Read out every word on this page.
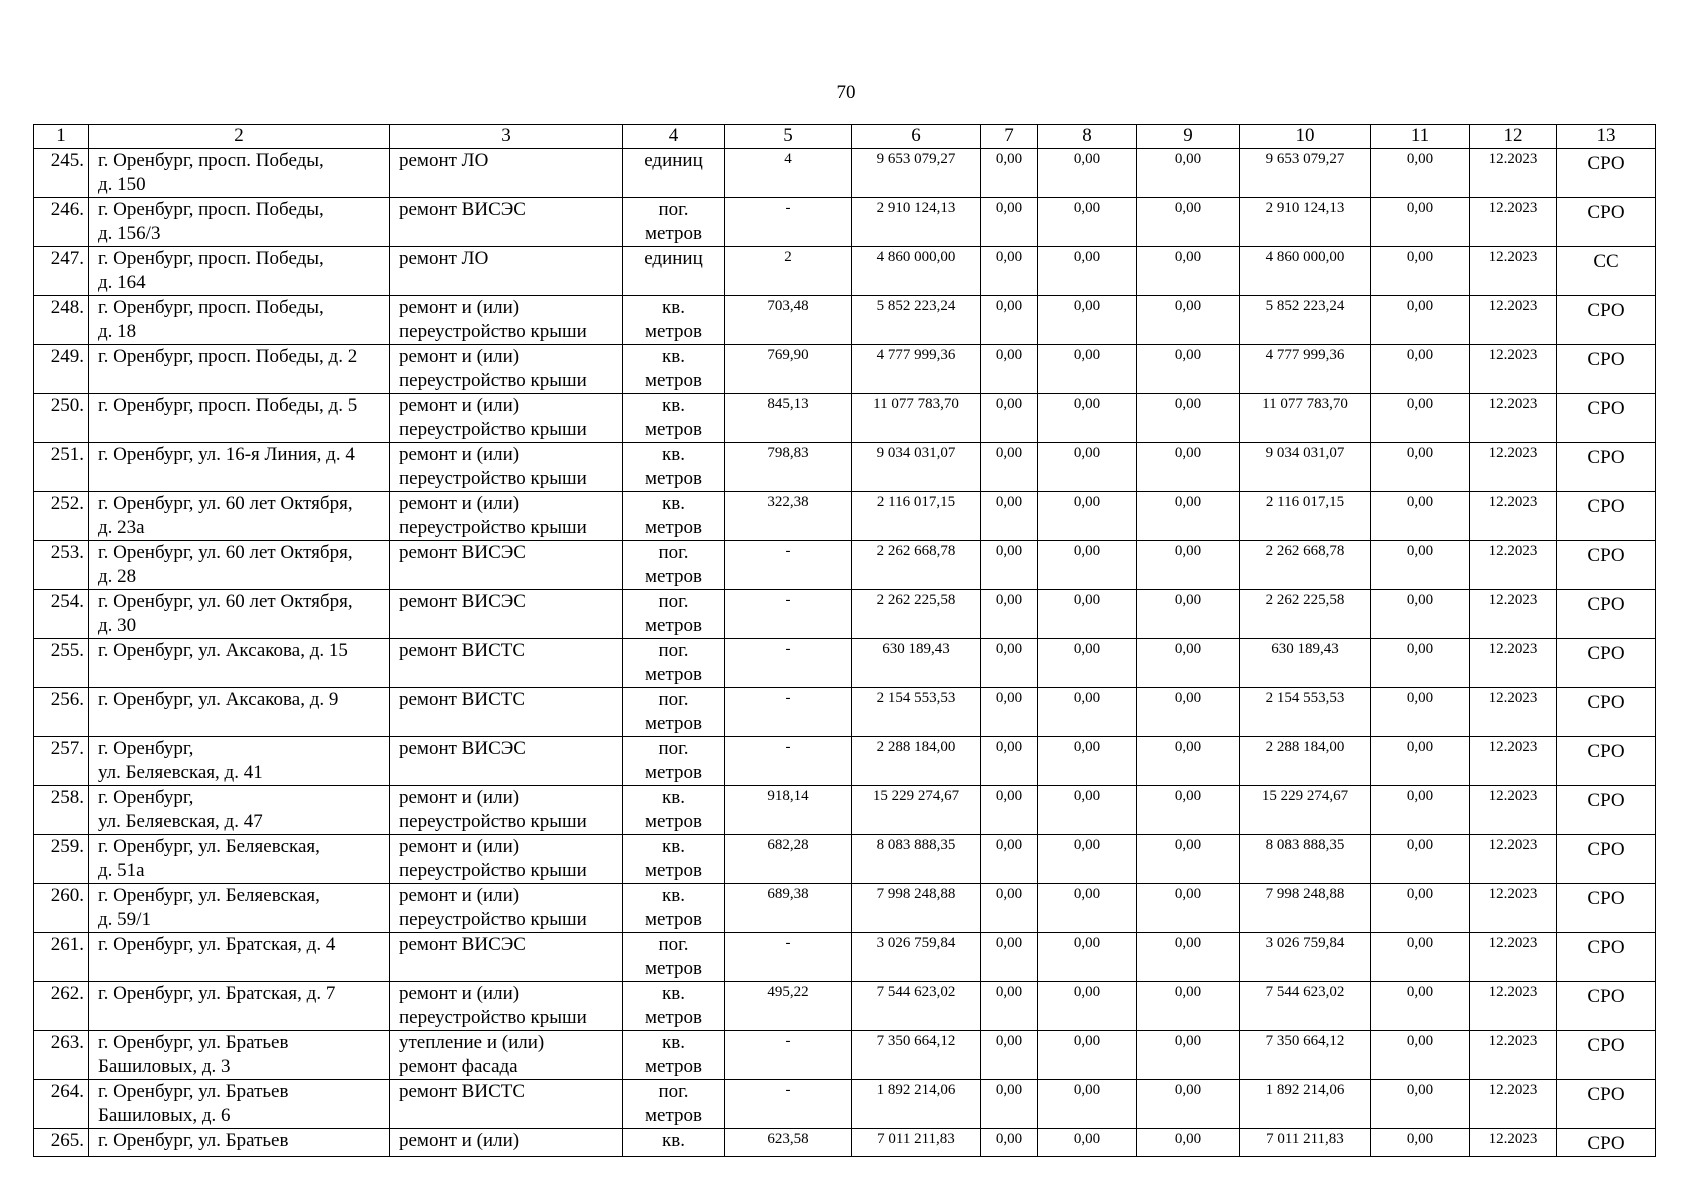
70
1	2	3	4	5	6	7	8	9	10	11	12	13

245.	г. Оренбург, просп. Победы,
д. 150	ремонт ЛО	единиц	4	9 653 079,27	0,00	0,00	0,00	9 653 079,27	0,00	12.2023	СРО

246.	г. Оренбург, просп. Победы,
д. 156/3	ремонт ВИСЭС	пог.
метров	-	2 910 124,13	0,00	0,00	0,00	2 910 124,13	0,00	12.2023	СРО

247.	г. Оренбург, просп. Победы,
д. 164	ремонт ЛО	единиц	2	4 860 000,00	0,00	0,00	0,00	4 860 000,00	0,00	12.2023	СС

248.	г. Оренбург, просп. Победы,
д. 18	ремонт и (или)
переустройство крыши	кв.
метров	703,48	5 852 223,24	0,00	0,00	0,00	5 852 223,24	0,00	12.2023	СРО

249.	г. Оренбург, просп. Победы, д. 2	ремонт и (или)
переустройство крыши	кв.
метров	769,90	4 777 999,36	0,00	0,00	0,00	4 777 999,36	0,00	12.2023	СРО

250.	г. Оренбург, просп. Победы, д. 5	ремонт и (или)
переустройство крыши	кв.
метров	845,13	11 077 783,70	0,00	0,00	0,00	11 077 783,70	0,00	12.2023	СРО

251.	г. Оренбург, ул. 16-я Линия, д. 4	ремонт и (или)
переустройство крыши	кв.
метров	798,83	9 034 031,07	0,00	0,00	0,00	9 034 031,07	0,00	12.2023	СРО

252.	г. Оренбург, ул. 60 лет Октября,
д. 23а	ремонт и (или)
переустройство крыши	кв.
метров	322,38	2 116 017,15	0,00	0,00	0,00	2 116 017,15	0,00	12.2023	СРО

253.	г. Оренбург, ул. 60 лет Октября,
д. 28	ремонт ВИСЭС	пог.
метров	-	2 262 668,78	0,00	0,00	0,00	2 262 668,78	0,00	12.2023	СРО

254.	г. Оренбург, ул. 60 лет Октября,
д. 30	ремонт ВИСЭС	пог.
метров	-	2 262 225,58	0,00	0,00	0,00	2 262 225,58	0,00	12.2023	СРО

255.	г. Оренбург, ул. Аксакова, д. 15	ремонт ВИСТС	пог.
метров	-	630 189,43	0,00	0,00	0,00	630 189,43	0,00	12.2023	СРО

256.	г. Оренбург, ул. Аксакова, д. 9	ремонт ВИСТС	пог.
метров	-	2 154 553,53	0,00	0,00	0,00	2 154 553,53	0,00	12.2023	СРО

257.	г. Оренбург,
ул. Беляевская, д. 41	ремонт ВИСЭС	пог.
метров	-	2 288 184,00	0,00	0,00	0,00	2 288 184,00	0,00	12.2023	СРО

258.	г. Оренбург,
ул. Беляевская, д. 47	ремонт и (или)
переустройство крыши	кв.
метров	918,14	15 229 274,67	0,00	0,00	0,00	15 229 274,67	0,00	12.2023	СРО

259.	г. Оренбург, ул. Беляевская,
д. 51а	ремонт и (или)
переустройство крыши	кв.
метров	682,28	8 083 888,35	0,00	0,00	0,00	8 083 888,35	0,00	12.2023	СРО

260.	г. Оренбург, ул. Беляевская,
д. 59/1	ремонт и (или)
переустройство крыши	кв.
метров	689,38	7 998 248,88	0,00	0,00	0,00	7 998 248,88	0,00	12.2023	СРО

261.	г. Оренбург, ул. Братская, д. 4	ремонт ВИСЭС	пог.
метров	-	3 026 759,84	0,00	0,00	0,00	3 026 759,84	0,00	12.2023	СРО

262.	г. Оренбург, ул. Братская, д. 7	ремонт и (или)
переустройство крыши	кв.
метров	495,22	7 544 623,02	0,00	0,00	0,00	7 544 623,02	0,00	12.2023	СРО

263.	г. Оренбург, ул. Братьев
Башиловых, д. 3	утепление и (или)
ремонт фасада	кв.
метров	-	7 350 664,12	0,00	0,00	0,00	7 350 664,12	0,00	12.2023	СРО

264.	г. Оренбург, ул. Братьев
Башиловых, д. 6	ремонт ВИСТС	пог.
метров	-	1 892 214,06	0,00	0,00	0,00	1 892 214,06	0,00	12.2023	СРО

265.	г. Оренбург, ул. Братьев	ремонт и (или)	кв.	623,58	7 011 211,83	0,00	0,00	0,00	7 011 211,83	0,00	12.2023	СРО
